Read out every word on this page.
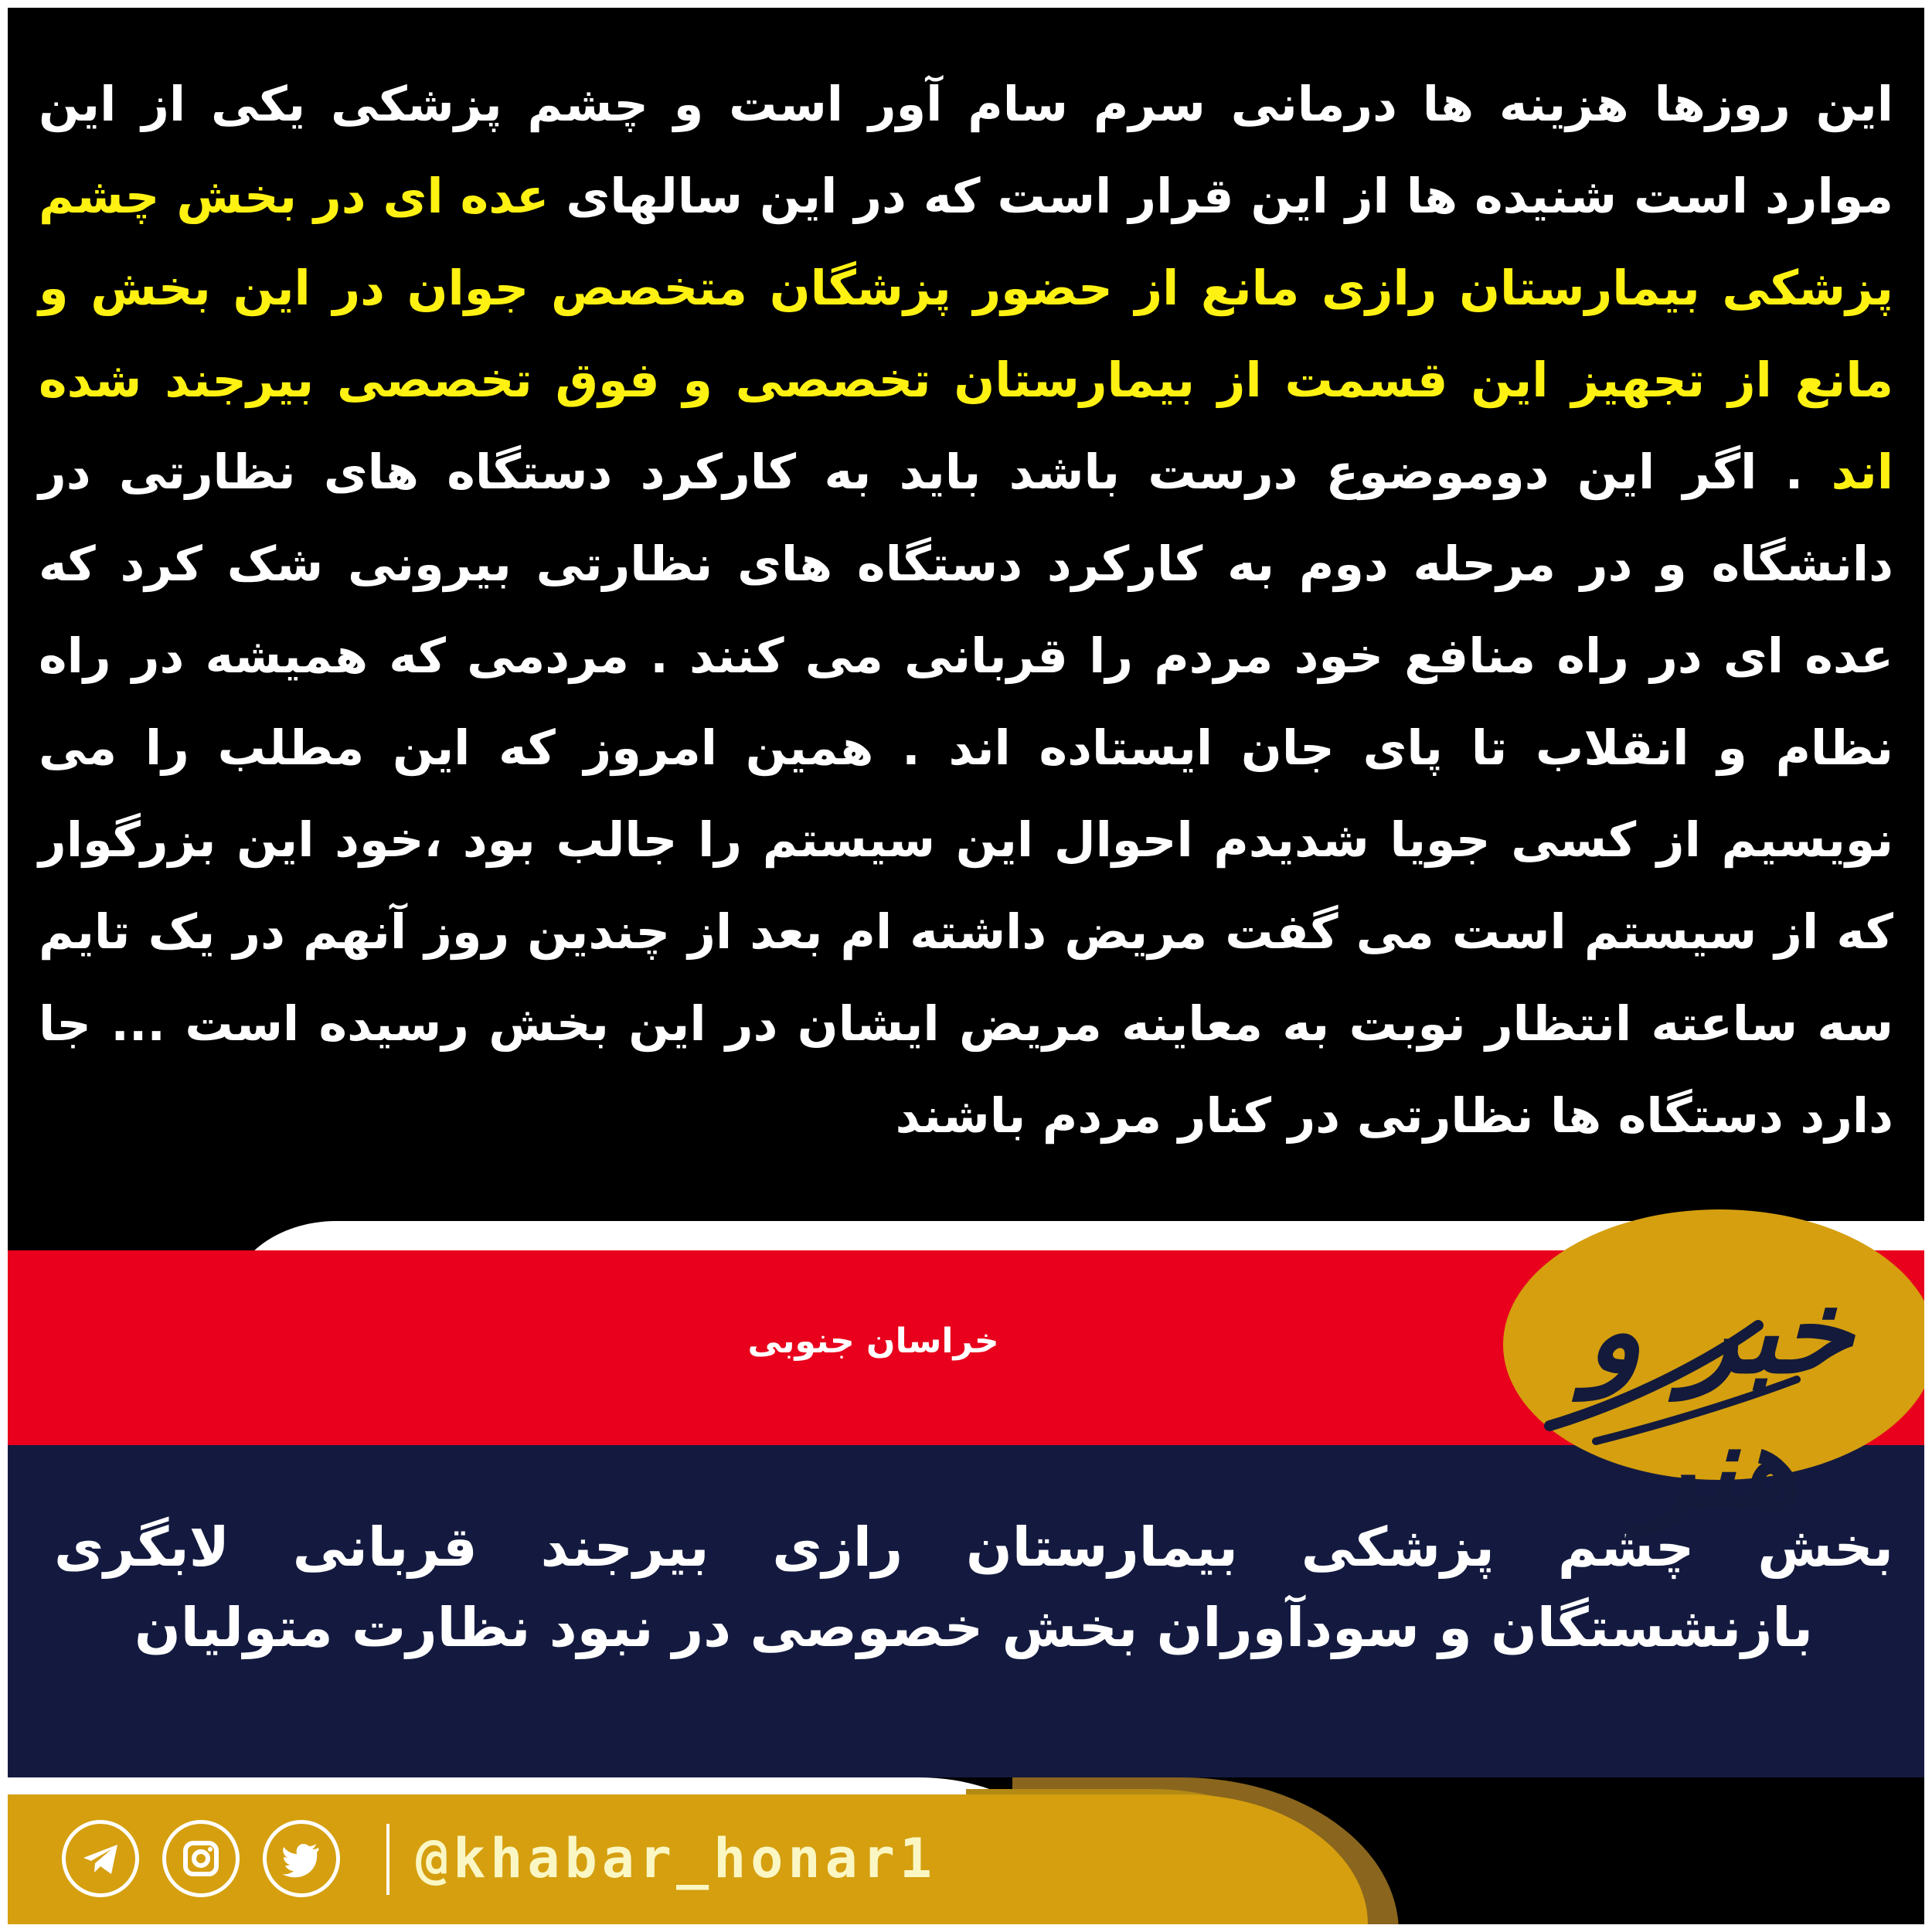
این روزها هزینه ها درمانی سرم سام آور است و چشم پزشکی یکی از این موارد است شنیده ها از این قرار است که در این سالهای عده ای در بخش چشم پزشکی بیمارستان رازی مانع از حضور پزشگان متخصص جوان در این بخش و مانع از تجهیز این قسمت از بیمارستان تخصصی و فوق تخصصی بیرجند شده اند . اگر این دوموضوع درست باشد باید به کارکرد دستگاه های نظارتی در دانشگاه و در مرحله دوم به کارکرد دستگاه های نظارتی بیرونی شک کرد که عده ای در راه منافع خود مردم را قربانی می کنند . مردمی که همیشه در راه نظام و انقلاب تا پای جان ایستاده اند . همین امروز که این مطلب را می نویسیم از کسی جویا شدیدم احوال این سیستم را جالب بود ،خود این بزرگوار که از سیستم است می گفت مریض داشته ام بعد از چندین روز آنهم در یک تایم سه ساعته انتظار نوبت به معاینه مریض ایشان در این بخش رسیده است ... جا دارد دستگاه ها نظارتی در کنار مردم باشند

خراسان جنوبی

بخش چشم پزشکی بیمارستان رازی بیرجند قربانی لابگری بازنشستگان و سودآوران بخش خصوصی در نبود نظارت متولیان

خبر و هنر
@khabar_honar1
